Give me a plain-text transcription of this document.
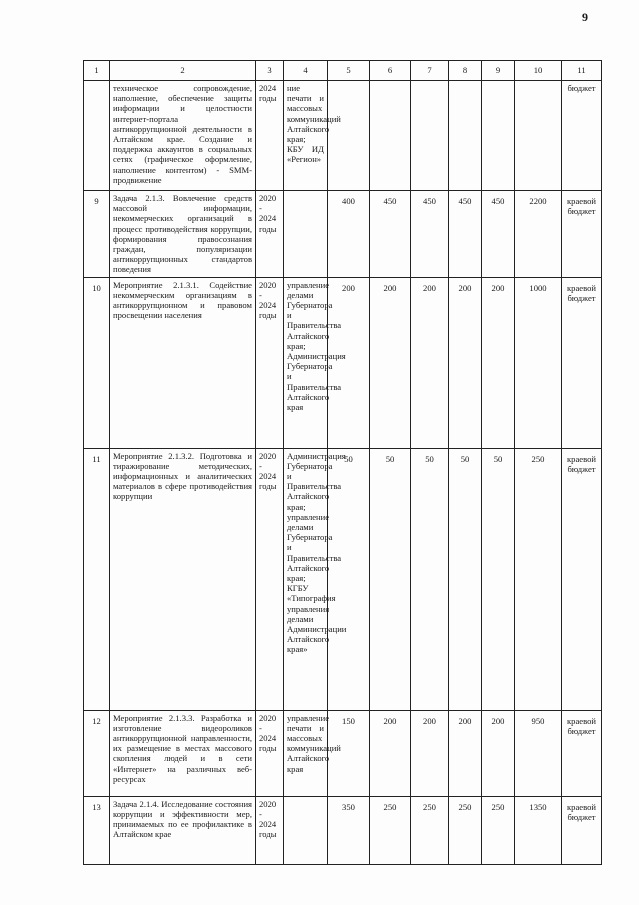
9
1	2	3	4	5	6	7	8	9	10	11
	техническое сопровождение, наполнение, обеспечение защиты информации и целостности интернет-портала антикоррупционной деятельности в Алтайском крае. Создание и поддержка аккаунтов в социальных сетях (графическое оформление, наполнение контентом) - SMM-продвижение	2024 годы	ние печати и массовых коммуникаций Алтайского края; КБУ ИД «Регион»							бюджет
9	Задача 2.1.3. Вовлечение средств массовой информации, некоммерческих организаций в процесс противодействия коррупции, формирования правосознания граждан, популяризации антикоррупционных стандартов поведения	2020 - 2024 годы		400	450	450	450	450	2200	краевой бюджет
10	Мероприятие 2.1.3.1. Содействие некоммерческим организациям в антикоррупционном и правовом просвещении населения	2020 - 2024 годы	управление делами Губернатора и Правительства Алтайского края; Администрация Губернатора и Правительства Алтайского края	200	200	200	200	200	1000	краевой бюджет
11	Мероприятие 2.1.3.2. Подготовка и тиражирование методических, информационных и аналитических материалов в сфере противодействия коррупции	2020 - 2024 годы	Администрация Губернатора и Правительства Алтайского края; управление делами Губернатора и Правительства Алтайского края; КГБУ «Типография управления делами Администрации Алтайского края»	50	50	50	50	50	250	краевой бюджет
12	Мероприятие 2.1.3.3. Разработка и изготовление видеороликов антикоррупционной направленности, их размещение в местах массового скопления людей и в сети «Интернет» на различных веб-ресурсах	2020 - 2024 годы	управление печати и массовых коммуникаций Алтайского края	150	200	200	200	200	950	краевой бюджет
13	Задача 2.1.4. Исследование состояния коррупции и эффективности мер, принимаемых по ее профилактике в Алтайском крае	2020 - 2024 годы		350	250	250	250	250	1350	краевой бюджет
